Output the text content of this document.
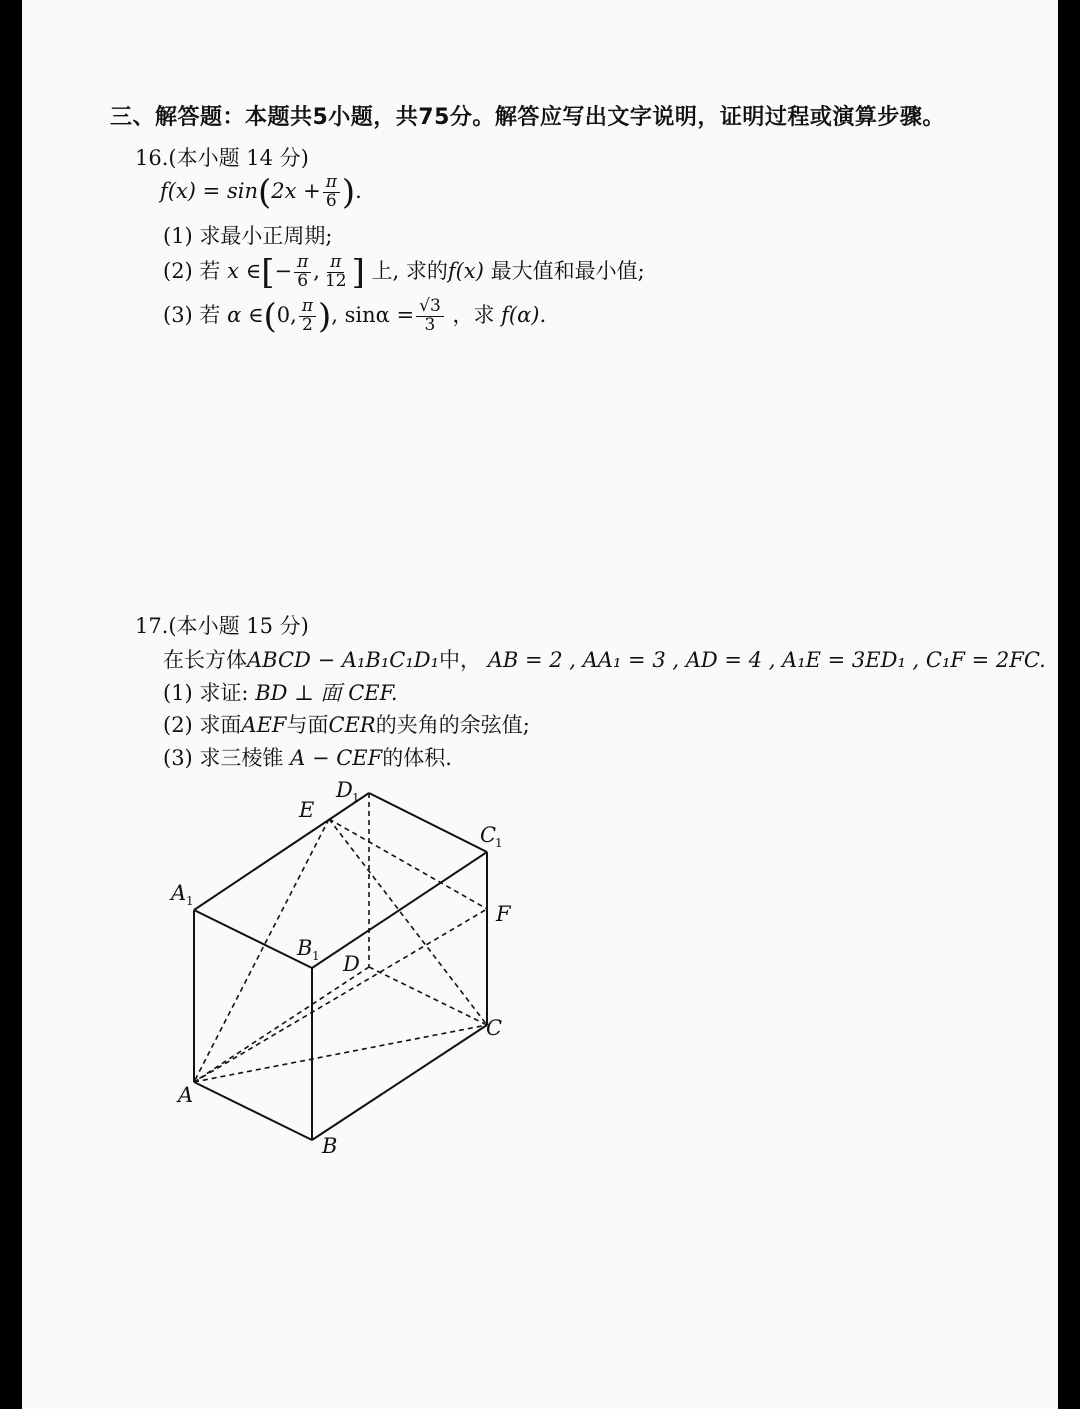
三、解答题：本题共5小题，共75分。解答应写出文字说明，证明过程或演算步骤。
16.(本小题 14 分)
$f(x) = \sin(2x + \frac{\pi}{6}$ ).
(1) 求最小正周期;
(2) 若 x ∈[− $\frac{\pi}{6}$ , $\frac{\pi}{12}$ ] 上, 求的f(x) 最大值和最小值;
(3) 若 α ∈(0, $\frac{\pi}{2}$ ), $\sin\alpha = \frac{√3}{3}$ ，求 f(α).
17.(本小题 15 分)
在长方体ABCD − A₁B₁C₁D₁中， AB = 2 , AA₁ = 3 , AD = 4 , A₁E = 3ED₁ , C₁F = 2FC.
(1) 求证: BD ⊥ 面 CEF.
(2) 求面AEF与面CER的夹角的余弦值;
(3) 求三棱锥 A − CEF的体积.
A
B
C
D
A 1
B 1
C
1
D 1
E
F
